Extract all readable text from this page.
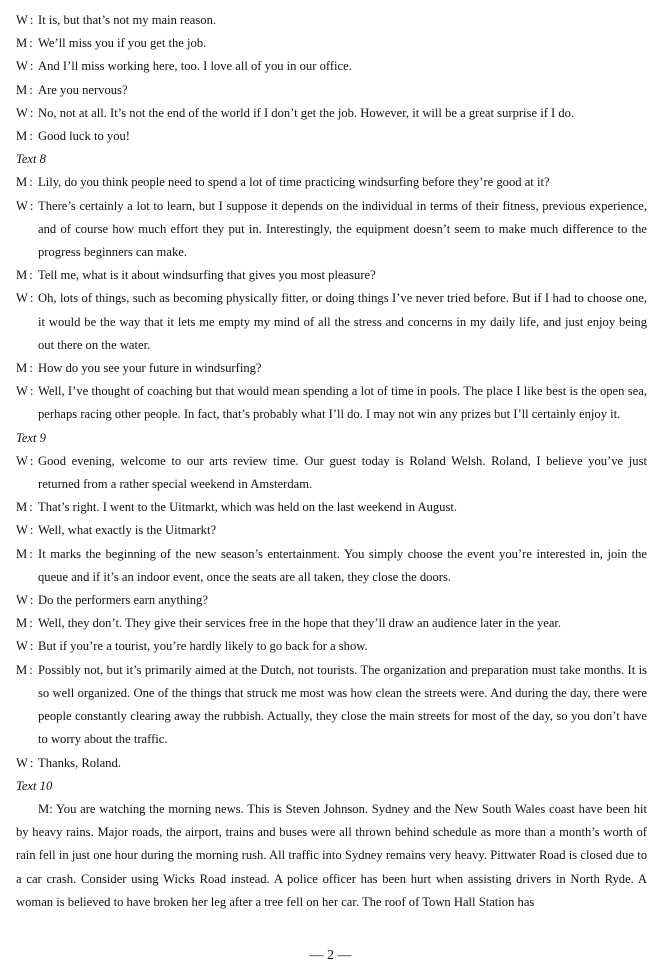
W : It is, but that’s not my main reason.
M : We’ll miss you if you get the job.
W : And I’ll miss working here, too. I love all of you in our office.
M : Are you nervous?
W : No, not at all. It’s not the end of the world if I don’t get the job. However, it will be a great surprise if I do.
M : Good luck to you!
Text 8
M : Lily, do you think people need to spend a lot of time practicing windsurfing before they’re good at it?
W : There’s certainly a lot to learn, but I suppose it depends on the individual in terms of their fitness, previous experience, and of course how much effort they put in. Interestingly, the equipment doesn’t seem to make much difference to the progress beginners can make.
M : Tell me, what is it about windsurfing that gives you most pleasure?
W : Oh, lots of things, such as becoming physically fitter, or doing things I’ve never tried before. But if I had to choose one, it would be the way that it lets me empty my mind of all the stress and concerns in my daily life, and just enjoy being out there on the water.
M : How do you see your future in windsurfing?
W : Well, I’ve thought of coaching but that would mean spending a lot of time in pools. The place I like best is the open sea, perhaps racing other people. In fact, that’s probably what I’ll do. I may not win any prizes but I’ll certainly enjoy it.
Text 9
W : Good evening, welcome to our arts review time. Our guest today is Roland Welsh. Roland, I believe you’ve just returned from a rather special weekend in Amsterdam.
M : That’s right. I went to the Uitmarkt, which was held on the last weekend in August.
W : Well, what exactly is the Uitmarkt?
M : It marks the beginning of the new season’s entertainment. You simply choose the event you’re interested in, join the queue and if it’s an indoor event, once the seats are all taken, they close the doors.
W : Do the performers earn anything?
M : Well, they don’t. They give their services free in the hope that they’ll draw an audience later in the year.
W : But if you’re a tourist, you’re hardly likely to go back for a show.
M : Possibly not, but it’s primarily aimed at the Dutch, not tourists. The organization and preparation must take months. It is so well organized. One of the things that struck me most was how clean the streets were. And during the day, there were people constantly clearing away the rubbish. Actually, they close the main streets for most of the day, so you don’t have to worry about the traffic.
W : Thanks, Roland.
Text 10
M: You are watching the morning news. This is Steven Johnson. Sydney and the New South Wales coast have been hit by heavy rains. Major roads, the airport, trains and buses were all thrown behind schedule as more than a month’s worth of rain fell in just one hour during the morning rush. All traffic into Sydney remains very heavy. Pittwater Road is closed due to a car crash. Consider using Wicks Road instead. A police officer has been hurt when assisting drivers in North Ryde. A woman is believed to have broken her leg after a tree fell on her car. The roof of Town Hall Station has
— 2 —
